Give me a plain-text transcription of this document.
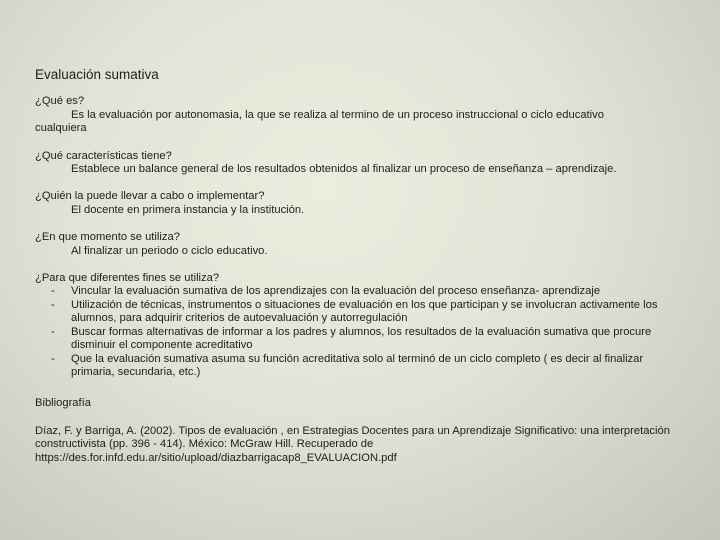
Evaluación sumativa
¿Qué es?
Es la evaluación por autonomasia, la que se realiza al termino de un proceso instruccional o ciclo educativo
cualquiera
¿Qué características tiene?
Establece un balance general de los resultados obtenidos al finalizar un proceso de enseñanza – aprendizaje.
¿Quién la puede llevar a cabo o implementar?
El docente en primera instancia y la institución.
¿En que momento se utiliza?
Al finalizar un periodo o ciclo educativo.
¿Para que diferentes fines se utiliza?
- Vincular la evaluación sumativa de los aprendizajes con la evaluación del proceso enseñanza- aprendizaje
- Utilización de técnicas, instrumentos o situaciones de evaluación en los que participan y se involucran activamente los alumnos, para adquirir criterios de autoevaluación y autorregulación
- Buscar formas alternativas de informar a los padres y alumnos, los resultados de la evaluación sumativa que procure disminuir el componente acreditativo
- Que la evaluación sumativa asuma su función acreditativa solo al terminó de un ciclo completo ( es decir al finalizar primaria, secundaria, etc.)
Bibliografía
Díaz, F. y Barriga, A. (2002). Tipos de evaluación , en Estrategias Docentes para un Aprendizaje Significativo: una interpretación constructivista (pp. 396 - 414). México: McGraw Hill. Recuperado de https://des.for.infd.edu.ar/sitio/upload/diazbarrigacap8_EVALUACION.pdf
